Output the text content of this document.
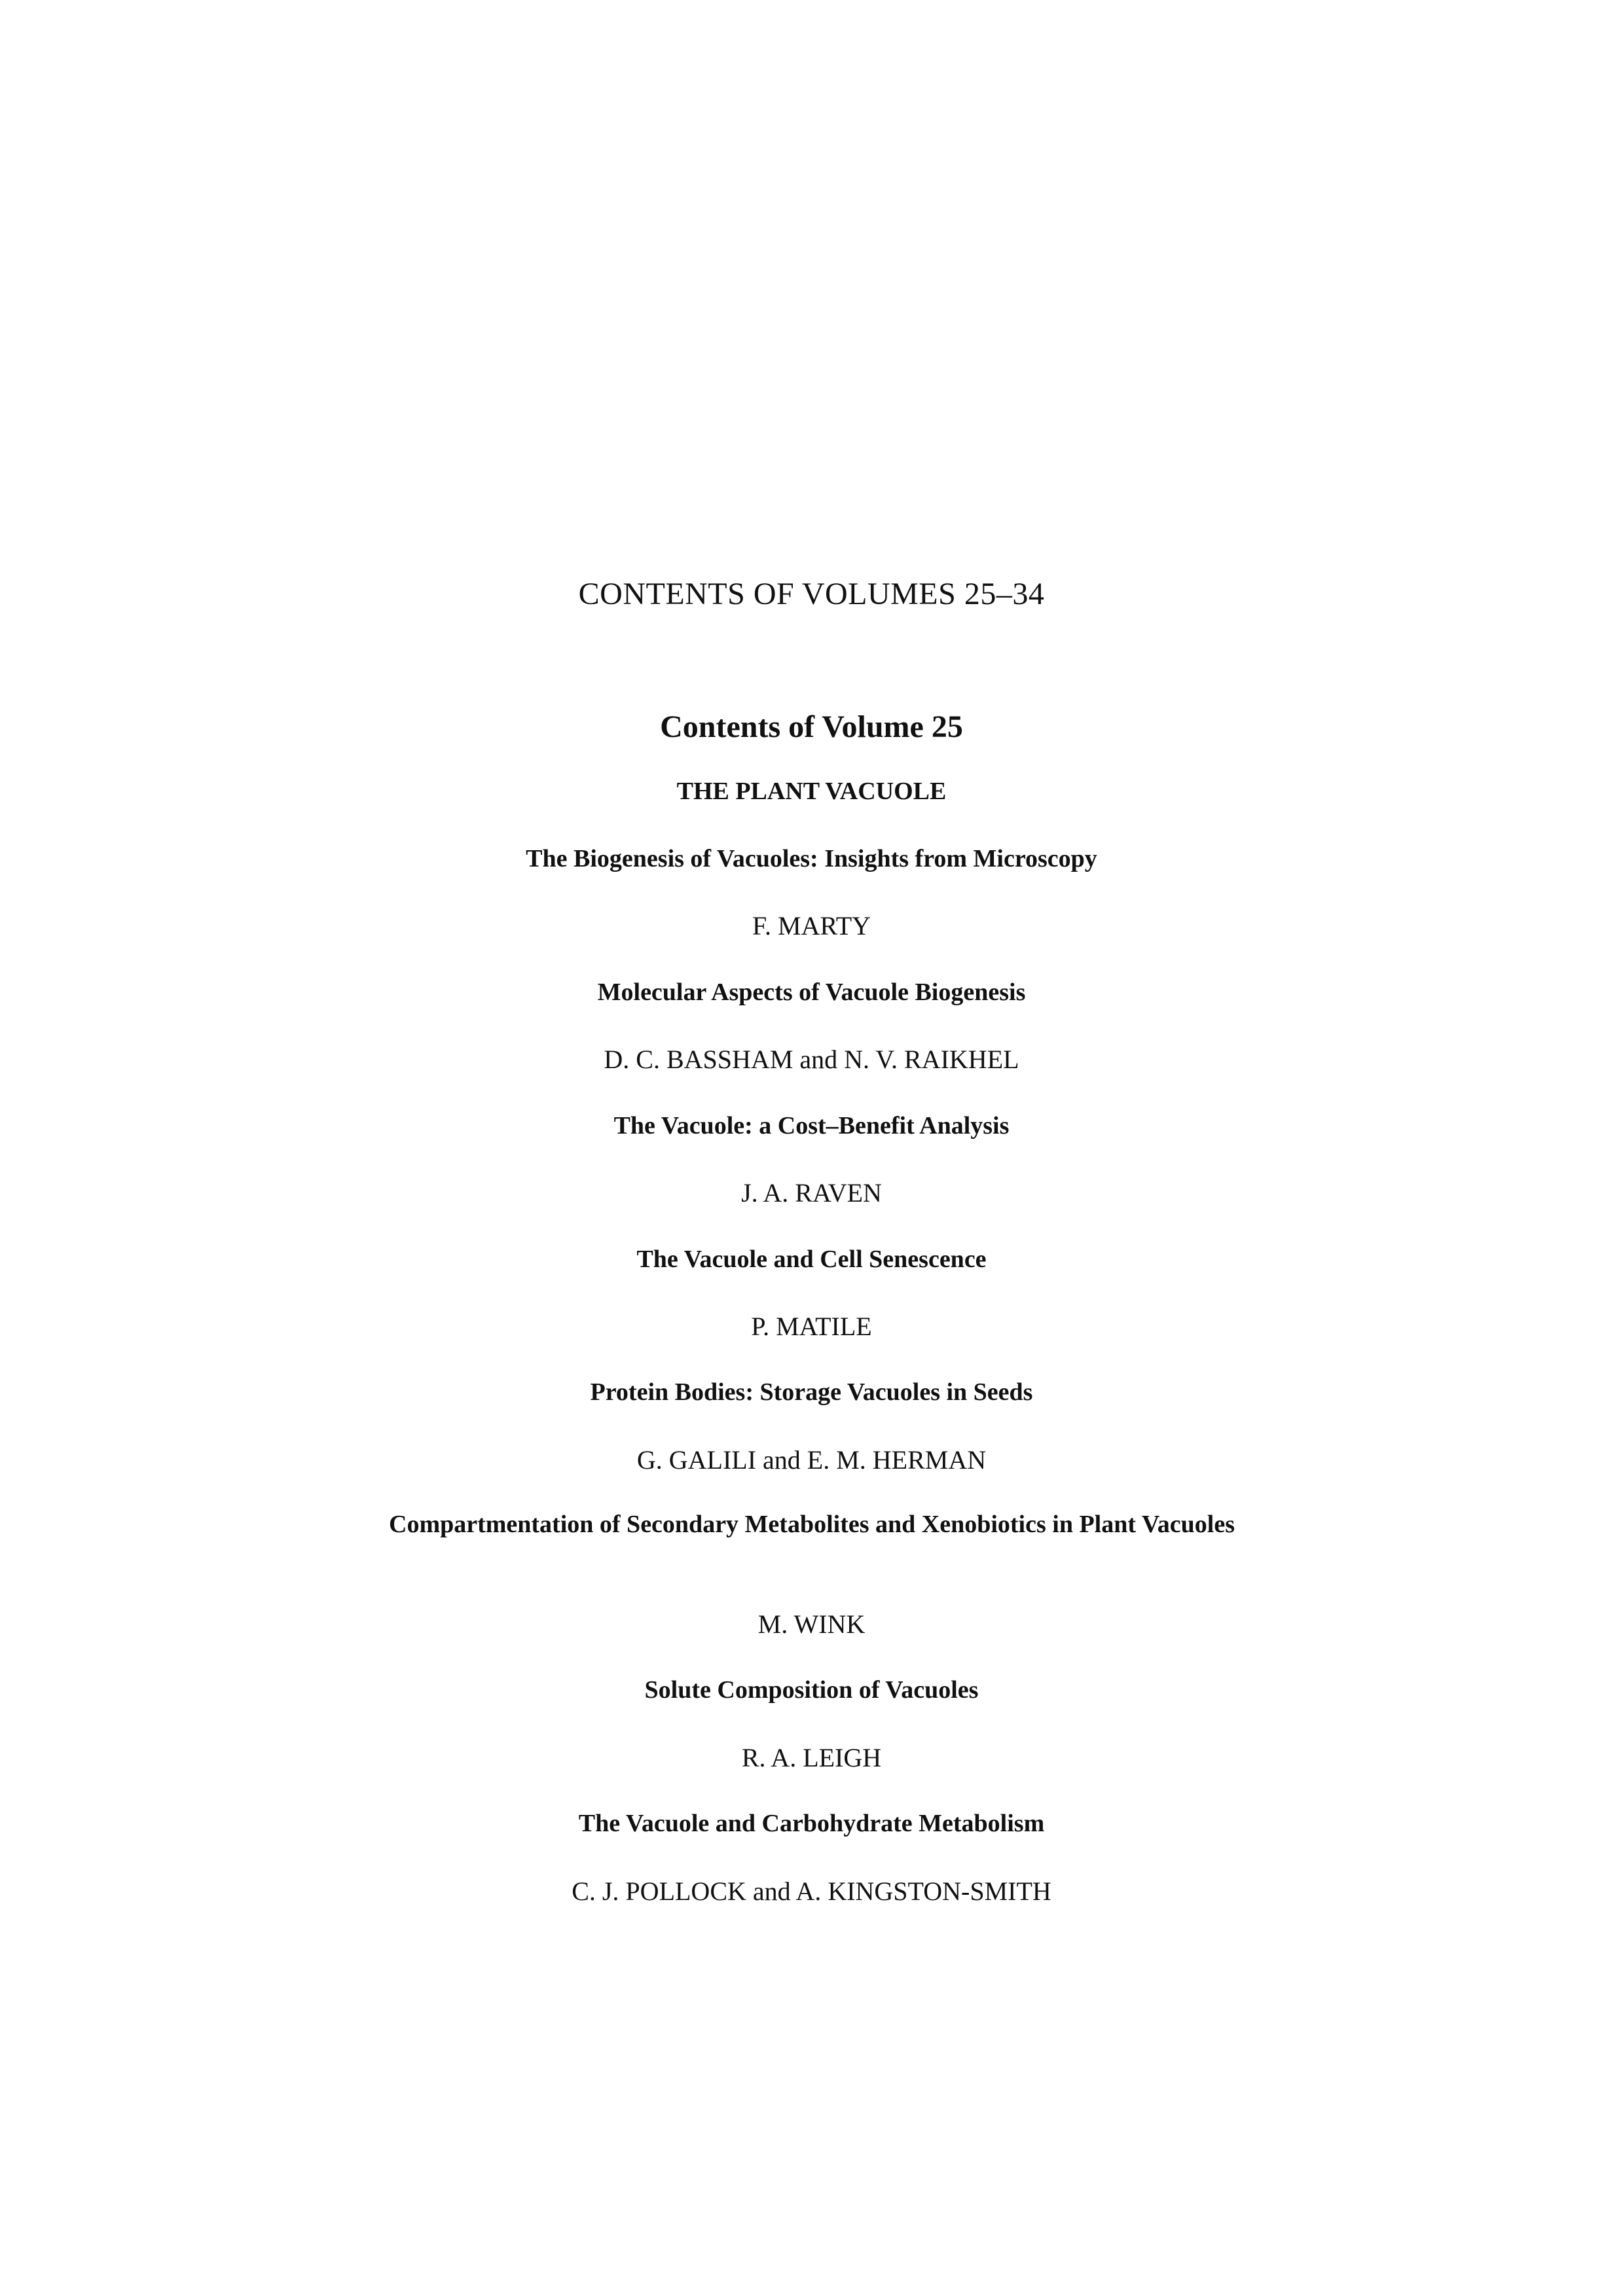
CONTENTS OF VOLUMES 25–34
Contents of Volume 25
THE PLANT VACUOLE
The Biogenesis of Vacuoles: Insights from Microscopy
F. MARTY
Molecular Aspects of Vacuole Biogenesis
D. C. BASSHAM and N. V. RAIKHEL
The Vacuole: a Cost–Benefit Analysis
J. A. RAVEN
The Vacuole and Cell Senescence
P. MATILE
Protein Bodies: Storage Vacuoles in Seeds
G. GALILI and E. M. HERMAN
Compartmentation of Secondary Metabolites and Xenobiotics in Plant Vacuoles
M. WINK
Solute Composition of Vacuoles
R. A. LEIGH
The Vacuole and Carbohydrate Metabolism
C. J. POLLOCK and A. KINGSTON-SMITH
